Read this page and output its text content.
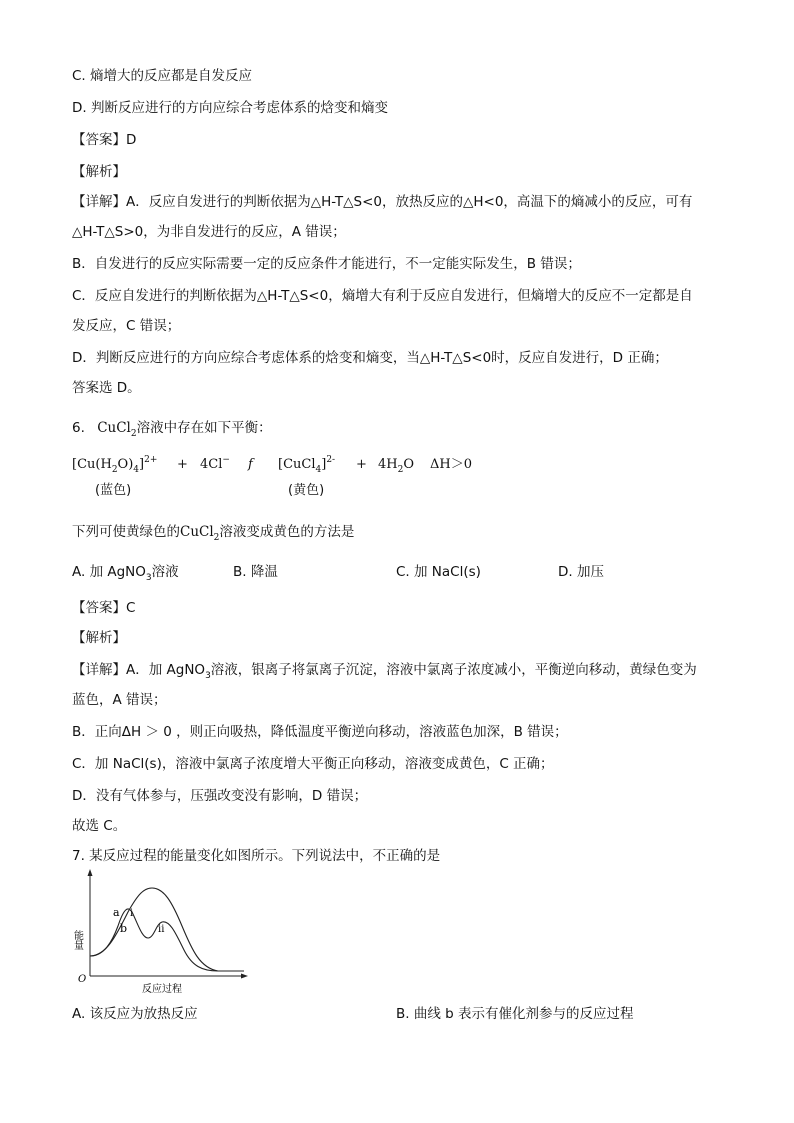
C. 熵增大的反应都是自发反应
D. 判断反应进行的方向应综合考虑体系的焓变和熵变
【答案】D
【解析】
【详解】A．反应自发进行的判断依据为△H-T△S<0，放热反应的△H<0，高温下的熵减小的反应，可有
△H-T△S>0，为非自发进行的反应，A 错误；
B．自发进行的反应实际需要一定的反应条件才能进行，不一定能实际发生，B 错误；
C．反应自发进行的判断依据为△H-T△S<0，熵增大有利于反应自发进行，但熵增大的反应不一定都是自
发反应，C 错误；
D．判断反应进行的方向应综合考虑体系的焓变和熵变，当△H-T△S<0时，反应自发进行，D 正确；
答案选 D。
6. CuCl$_2$溶液中存在如下平衡：
$[Cu(H_2O)_4]^{2+} + 4Cl^-$ f [CuCl$_4$]$^{2-}$ + $4H_2O$ ΔH＞0
(蓝色)	(黄色)
下列可使黄绿色的CuCl$_2$溶液变成黄色的方法是
A. 加 AgNO$_3$溶液	B. 降温	C. 加 NaCl(s)	D. 加压
【答案】C
【解析】
【详解】A．加 AgNO$_3$溶液，银离子将氯离子沉淀，溶液中氯离子浓度减小，平衡逆向移动，黄绿色变为
蓝色，A 错误；
B．正向ΔH ＞ 0 ，则正向吸热，降低温度平衡逆向移动，溶液蓝色加深，B 错误；
C．加 NaCl(s)，溶液中氯离子浓度增大平衡正向移动，溶液变成黄色，C 正确；
D．没有气体参与，压强改变没有影响，D 错误；
故选 C。
7. 某反应过程的能量变化如图所示。下列说法中，不正确的是
能量
反应过程
O
a
b
i
ii
A. 该反应为放热反应	B. 曲线 b 表示有催化剂参与的反应过程
